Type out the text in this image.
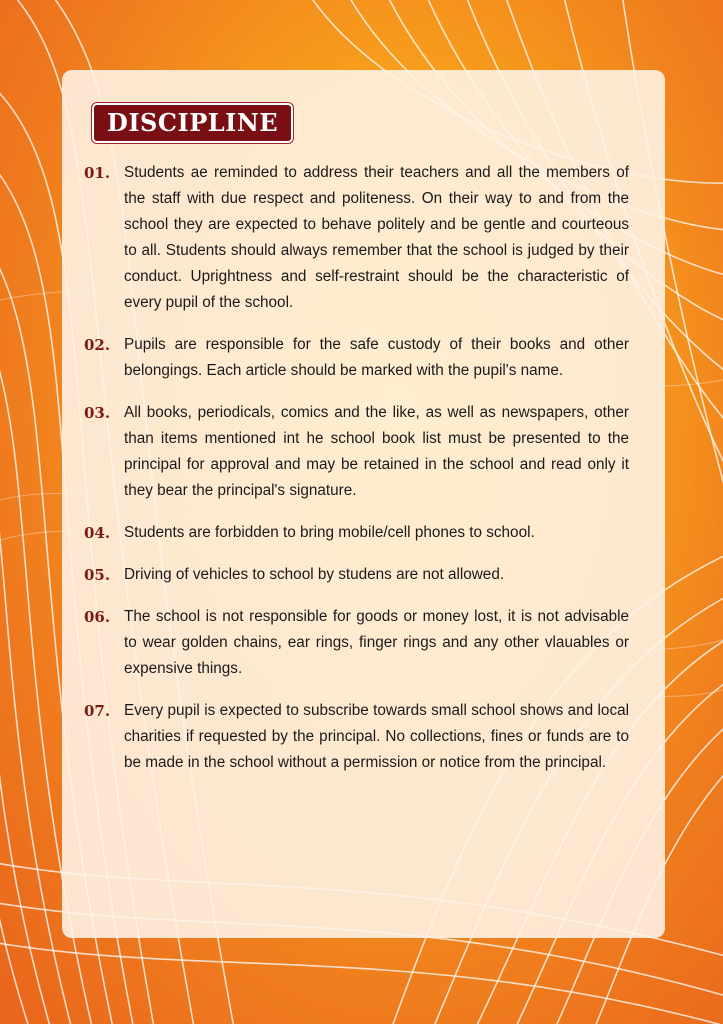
DISCIPLINE
01. Students ae reminded to address their teachers and all the members of the staff with due respect and politeness. On their way to and from the school they are expected to behave politely and be gentle and courteous to all. Students should always remember that the school is judged by their conduct. Uprightness and self-restraint should be the characteristic of every pupil of the school.
02. Pupils are responsible for the safe custody of their books and other belongings. Each article should be marked with the pupil's name.
03. All books, periodicals, comics and the like, as well as newspapers, other than items mentioned int he school book list must be presented to the principal for approval and may be retained in the school and read only it they bear the principal's signature.
04. Students are forbidden to bring mobile/cell phones to school.
05. Driving of vehicles to school by studens are not allowed.
06. The school is not responsible for goods or money lost, it is not advisable to wear golden chains, ear rings, finger rings and any other vlauables or expensive things.
07. Every pupil is expected to subscribe towards small school shows and local charities if requested by the principal. No collections, fines or funds are to be made in the school without a permission or notice from the principal.
